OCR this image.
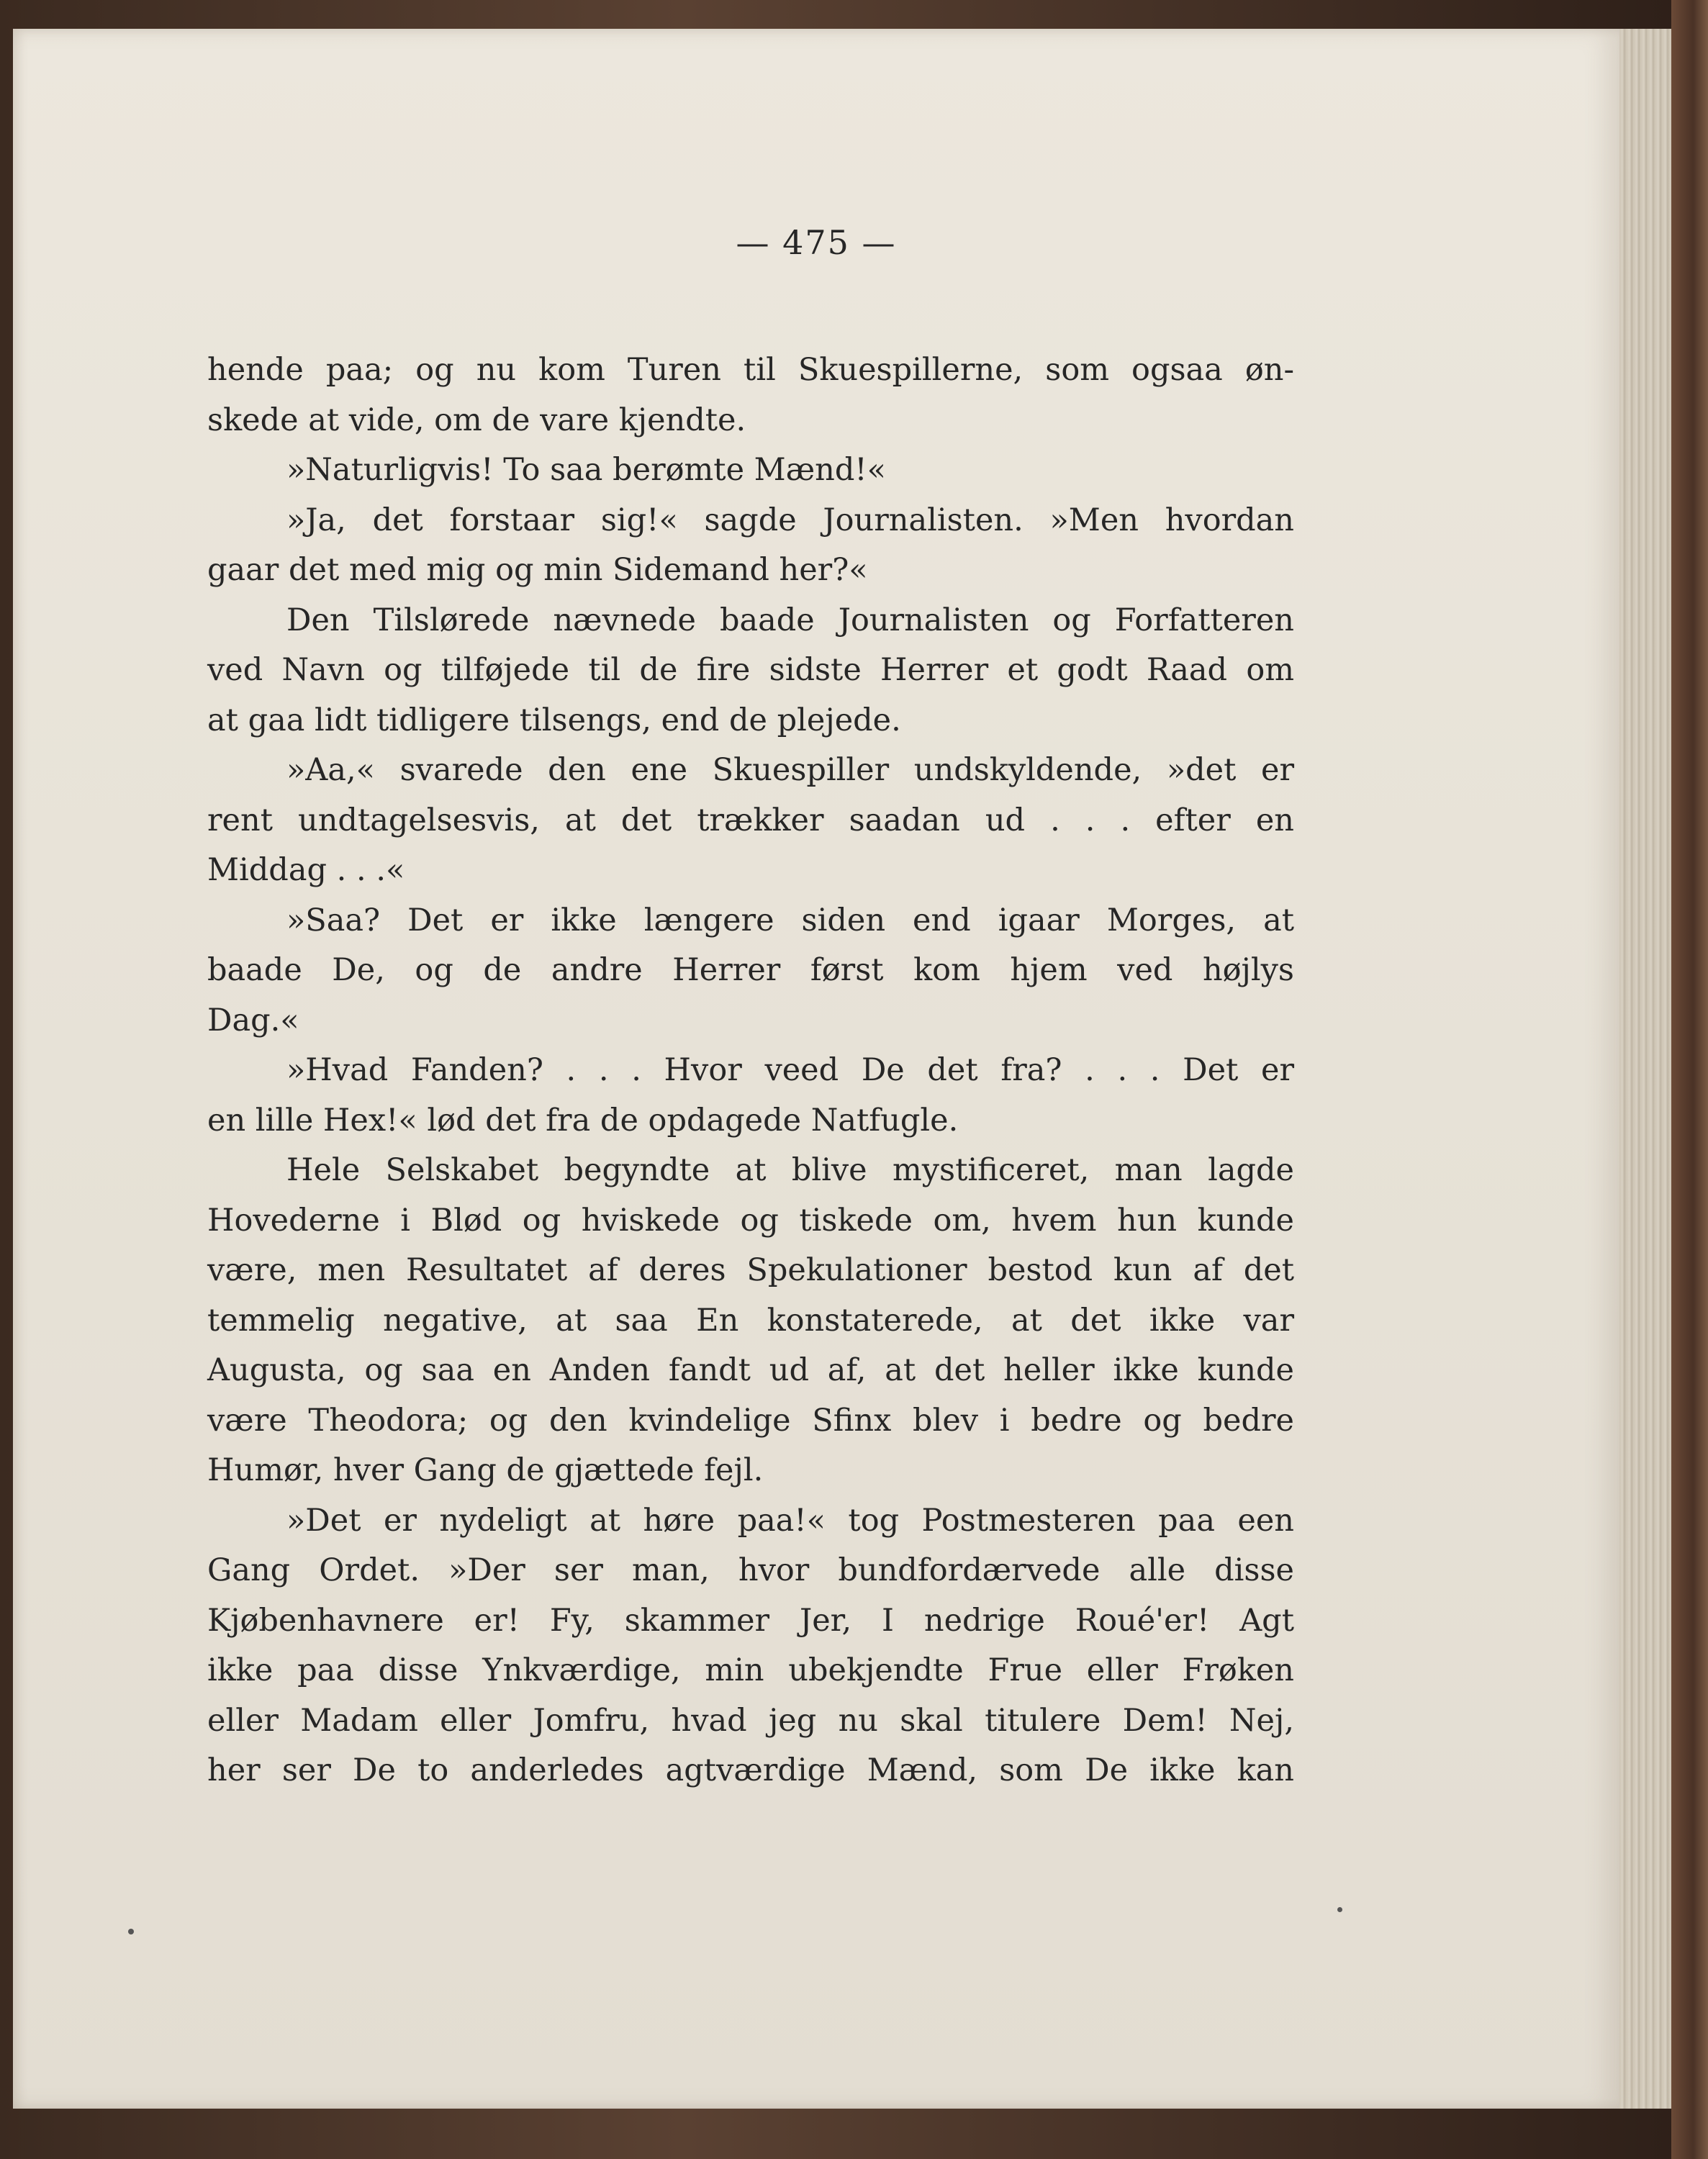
— 475 —
hende paa; og nu kom Turen til Skuespillerne, som ogsaa øn-
skede at vide, om de vare kjendte.
»Naturligvis! To saa berømte Mænd!«
»Ja, det forstaar sig!« sagde Journalisten. »Men hvordan
gaar det med mig og min Sidemand her?«
Den Tilslørede nævnede baade Journalisten og Forfatteren
ved Navn og tilføjede til de fire sidste Herrer et godt Raad om
at gaa lidt tidligere tilsengs, end de plejede.
»Aa,« svarede den ene Skuespiller undskyldende, »det er
rent undtagelsesvis, at det trækker saadan ud . . . efter en
Middag . . .«
»Saa? Det er ikke længere siden end igaar Morges, at
baade De, og de andre Herrer først kom hjem ved højlys
Dag.«
»Hvad Fanden? . . . Hvor veed De det fra? . . . Det er
en lille Hex!« lød det fra de opdagede Natfugle.
Hele Selskabet begyndte at blive mystificeret, man lagde
Hovederne i Blød og hviskede og tiskede om, hvem hun kunde
være, men Resultatet af deres Spekulationer bestod kun af det
temmelig negative, at saa En konstaterede, at det ikke var
Augusta, og saa en Anden fandt ud af, at det heller ikke kunde
være Theodora; og den kvindelige Sfinx blev i bedre og bedre
Humør, hver Gang de gjættede fejl.
»Det er nydeligt at høre paa!« tog Postmesteren paa een
Gang Ordet. »Der ser man, hvor bundfordærvede alle disse
Kjøbenhavnere er! Fy, skammer Jer, I nedrige Roué'er! Agt
ikke paa disse Ynkværdige, min ubekjendte Frue eller Frøken
eller Madam eller Jomfru, hvad jeg nu skal titulere Dem! Nej,
her ser De to anderledes agtværdige Mænd, som De ikke kan
